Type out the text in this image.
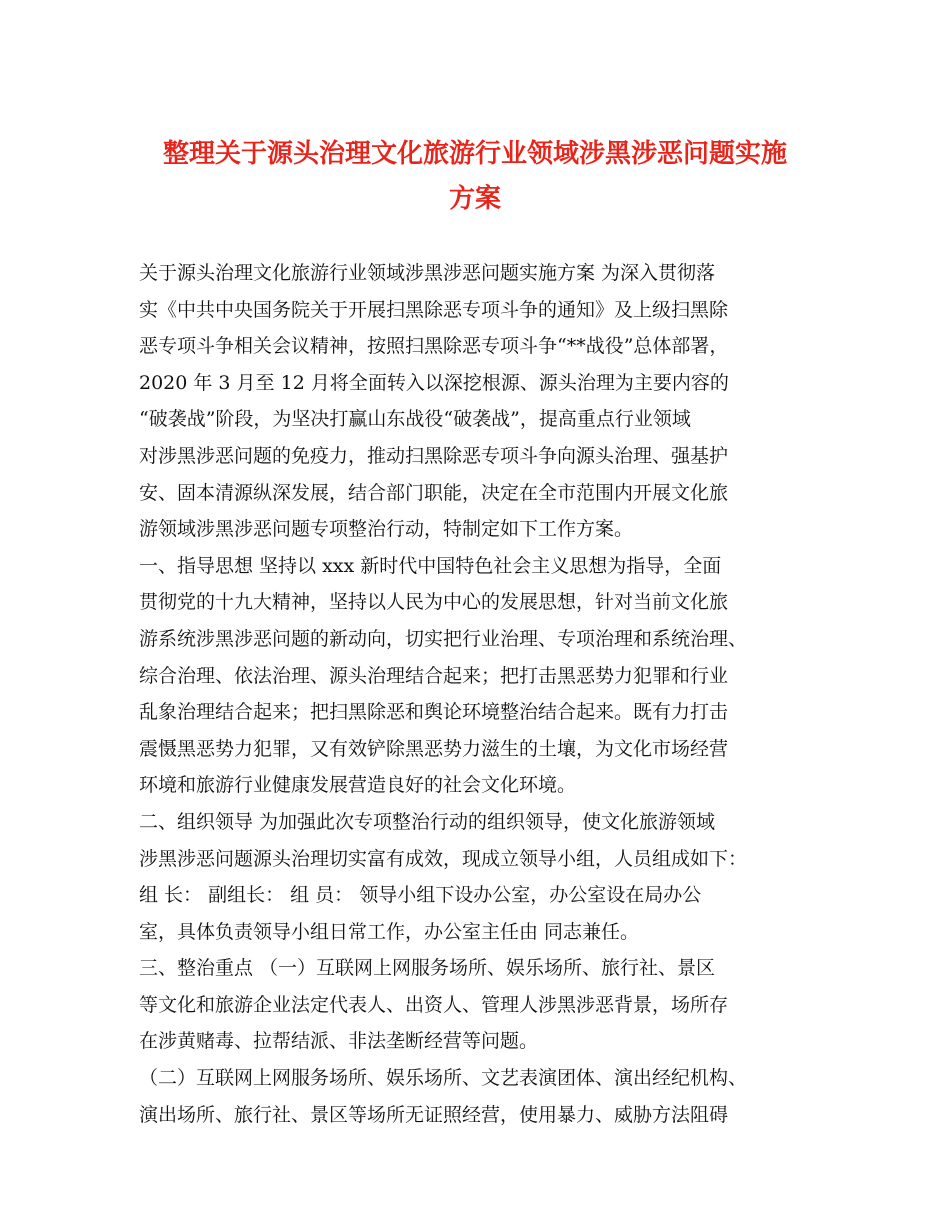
整理关于源头治理文化旅游行业领域涉黑涉恶问题实施
方案
关于源头治理文化旅游行业领域涉黑涉恶问题实施方案 为深入贯彻落
实《中共中央国务院关于开展扫黑除恶专项斗争的通知》及上级扫黑除
恶专项斗争相关会议精神，按照扫黑除恶专项斗争“**战役”总体部署，
2020 年 3 月至 12 月将全面转入以深挖根源、源头治理为主要内容的
“破袭战”阶段，为坚决打赢山东战役“破袭战”，提高重点行业领域
对涉黑涉恶问题的免疫力，推动扫黑除恶专项斗争向源头治理、强基护
安、固本清源纵深发展，结合部门职能，决定在全市范围内开展文化旅
游领域涉黑涉恶问题专项整治行动，特制定如下工作方案。
一、指导思想 坚持以 xxx 新时代中国特色社会主义思想为指导，全面
贯彻党的十九大精神，坚持以人民为中心的发展思想，针对当前文化旅
游系统涉黑涉恶问题的新动向，切实把行业治理、专项治理和系统治理、
综合治理、依法治理、源头治理结合起来；把打击黑恶势力犯罪和行业
乱象治理结合起来；把扫黑除恶和舆论环境整治结合起来。既有力打击
震慑黑恶势力犯罪，又有效铲除黑恶势力滋生的土壤，为文化市场经营
环境和旅游行业健康发展营造良好的社会文化环境。
二、组织领导 为加强此次专项整治行动的组织领导，使文化旅游领域
涉黑涉恶问题源头治理切实富有成效，现成立领导小组，人员组成如下：
组 长： 副组长： 组 员： 领导小组下设办公室，办公室设在局办公
室，具体负责领导小组日常工作，办公室主任由 同志兼任。
三、整治重点 （一）互联网上网服务场所、娱乐场所、旅行社、景区
等文化和旅游企业法定代表人、出资人、管理人涉黑涉恶背景，场所存
在涉黄赌毒、拉帮结派、非法垄断经营等问题。
（二）互联网上网服务场所、娱乐场所、文艺表演团体、演出经纪机构、
演出场所、旅行社、景区等场所无证照经营，使用暴力、威胁方法阻碍
